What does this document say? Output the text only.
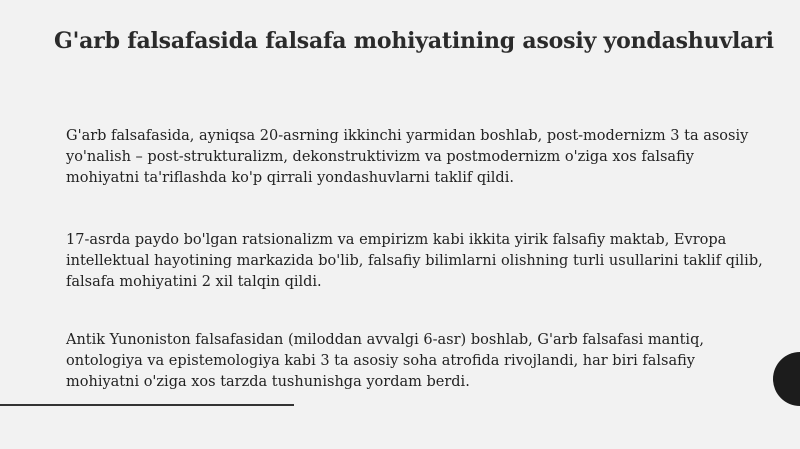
G'arb falsafasida falsafa mohiyatining asosiy yondashuvlari

G'arb falsafasida, ayniqsa 20-asrning ikkinchi yarmidan boshlab, post-modernizm 3 ta asosiy yo'nalish – post-strukturalizm, dekonstruktivizm va postmodernizm o'ziga xos falsafiy mohiyatni ta'riflashda ko'p qirrali yondashuvlarni taklif qildi.

17-asrda paydo bo'lgan ratsionalizm va empirizm kabi ikkita yirik falsafiy maktab, Evropa intellektual hayotining markazida bo'lib, falsafiy bilimlarni olishning turli usullarini taklif qilib, falsafa mohiyatini 2 xil talqin qildi.

Antik Yunoniston falsafasidan (miloddan avvalgi 6-asr) boshlab, G'arb falsafasi mantiq, ontologiya va epistemologiya kabi 3 ta asosiy soha atrofida rivojlandi, har biri falsafiy mohiyatni o'ziga xos tarzda tushunishga yordam berdi.
